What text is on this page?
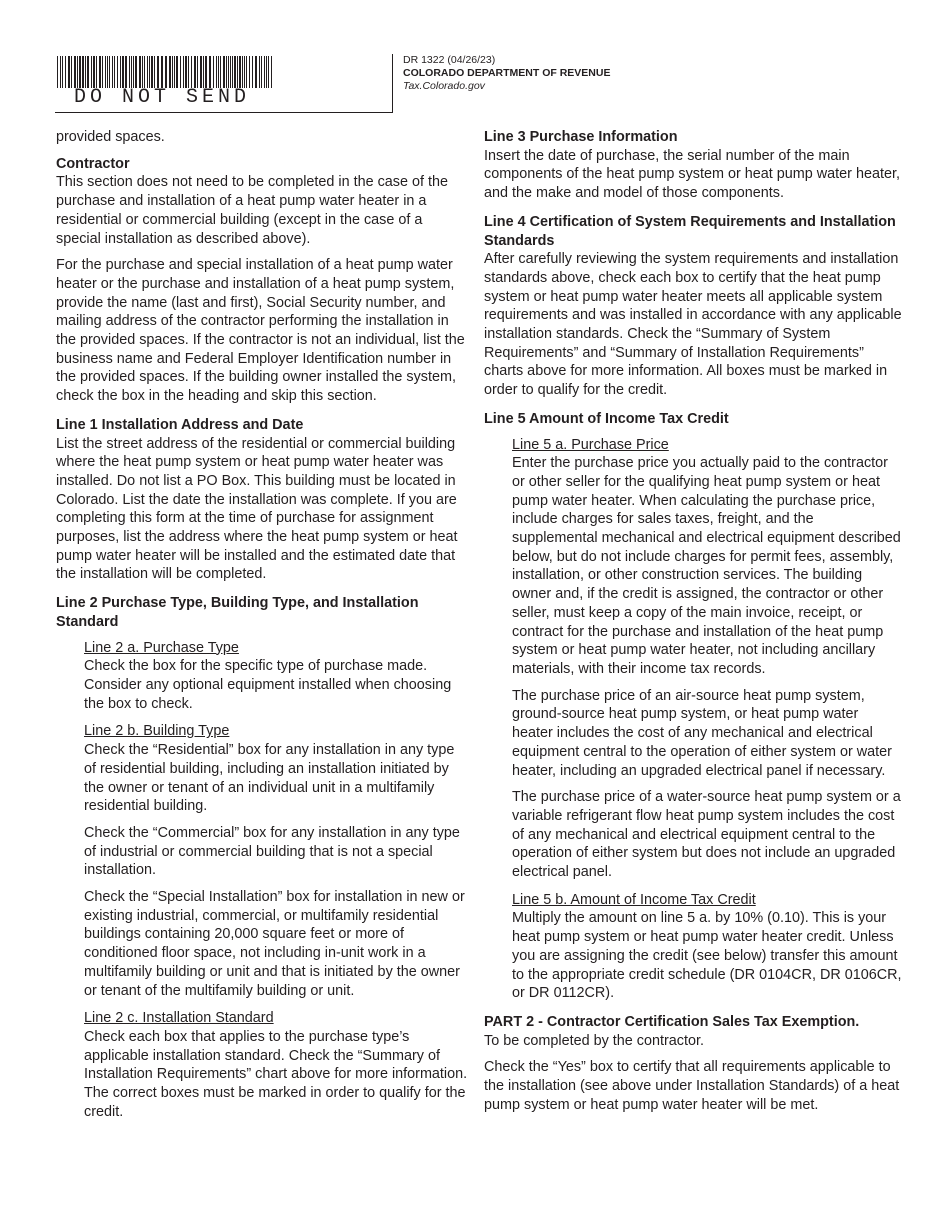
DO NOT SEND
DR 1322 (04/26/23)
COLORADO DEPARTMENT OF REVENUE
Tax.Colorado.gov

provided spaces.

Contractor

This section does not need to be completed in the case of the purchase and installation of a heat pump water heater in a residential or commercial building (except in the case of a special installation as described above).

For the purchase and special installation of a heat pump water heater or the purchase and installation of a heat pump system, provide the name (last and first), Social Security number, and mailing address of the contractor performing the installation in the provided spaces. If the contractor is not an individual, list the business name and Federal Employer Identification number in the provided spaces. If the building owner installed the system, check the box in the heading and skip this section.

Line 1 Installation Address and Date

List the street address of the residential or commercial building where the heat pump system or heat pump water heater was installed. Do not list a PO Box. This building must be located in Colorado. List the date the installation was complete. If you are completing this form at the time of purchase for assignment purposes, list the address where the heat pump system or heat pump water heater will be installed and the estimated date that the installation will be completed.

Line 2 Purchase Type, Building Type, and Installation Standard
Line 2 a. Purchase Type

Check the box for the specific type of purchase made. Consider any optional equipment installed when choosing the box to check.

Line 2 b. Building Type

Check the “Residential” box for any installation in any type of residential building, including an installation initiated by the owner or tenant of an individual unit in a multifamily residential building.

Check the “Commercial” box for any installation in any type of industrial or commercial building that is not a special installation.

Check the “Special Installation” box for installation in new or existing industrial, commercial, or multifamily residential buildings containing 20,000 square feet or more of conditioned floor space, not including in-unit work in a multifamily building or unit and that is initiated by the owner or tenant of the multifamily building or unit.

Line 2 c. Installation Standard

Check each box that applies to the purchase type’s applicable installation standard. Check the “Summary of Installation Requirements” chart above for more information. The correct boxes must be marked in order to qualify for the credit.

Line 3 Purchase Information

Insert the date of purchase, the serial number of the main components of the heat pump system or heat pump water heater, and the make and model of those components.

Line 4 Certification of System Requirements and Installation Standards

After carefully reviewing the system requirements and installation standards above, check each box to certify that the heat pump system or heat pump water heater meets all applicable system requirements and was installed in accordance with any applicable installation standards. Check the “Summary of System Requirements” and “Summary of Installation Requirements” charts above for more information. All boxes must be marked in order to qualify for the credit.

Line 5 Amount of Income Tax Credit
Line 5 a. Purchase Price

Enter the purchase price you actually paid to the contractor or other seller for the qualifying heat pump system or heat pump water heater. When calculating the purchase price, include charges for sales taxes, freight, and the supplemental mechanical and electrical equipment described below, but do not include charges for permit fees, assembly, installation, or other construction services. The building owner and, if the credit is assigned, the contractor or other seller, must keep a copy of the main invoice, receipt, or contract for the purchase and installation of the heat pump system or heat pump water heater, not including ancillary materials, with their income tax records.

The purchase price of an air-source heat pump system, ground-source heat pump system, or heat pump water heater includes the cost of any mechanical and electrical equipment central to the operation of either system or water heater, including an upgraded electrical panel if necessary.

The purchase price of a water-source heat pump system or a variable refrigerant flow heat pump system includes the cost of any mechanical and electrical equipment central to the operation of either system but does not include an upgraded electrical panel.

Line 5 b. Amount of Income Tax Credit

Multiply the amount on line 5 a. by 10% (0.10). This is your heat pump system or heat pump water heater credit. Unless you are assigning the credit (see below) transfer this amount to the appropriate credit schedule (DR 0104CR, DR 0106CR, or DR 0112CR).

PART 2 - Contractor Certification Sales Tax Exemption.

To be completed by the contractor.

Check the “Yes” box to certify that all requirements applicable to the installation (see above under Installation Standards) of a heat pump system or heat pump water heater will be met.
